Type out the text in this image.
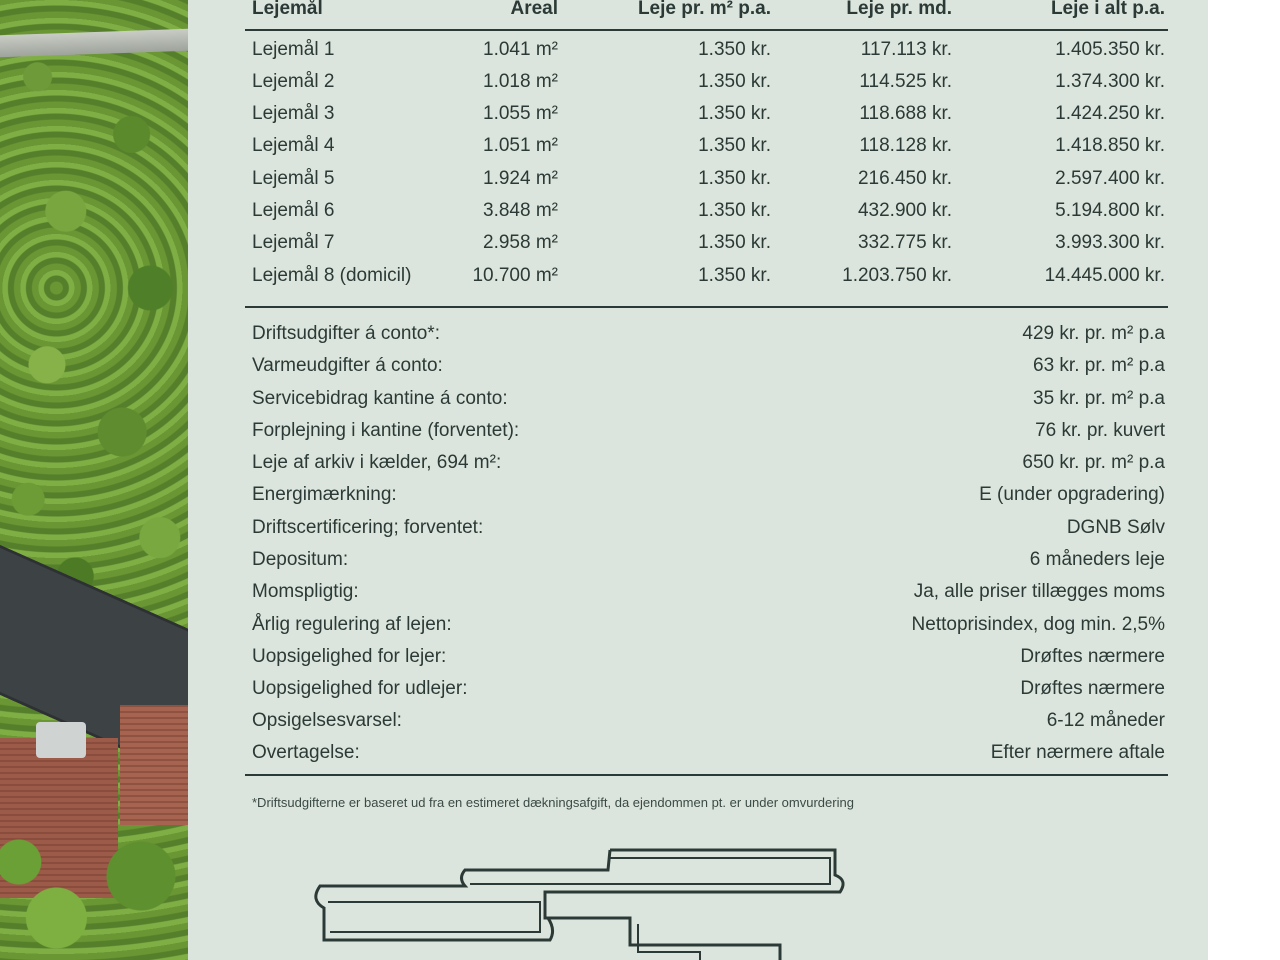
Lejemål	Areal	Leje pr. m² p.a.	Leje pr. md.	Leje i alt p.a.
Lejemål 1	1.041 m²	1.350 kr.	117.113 kr.	1.405.350 kr.
Lejemål 2	1.018 m²	1.350 kr.	114.525 kr.	1.374.300 kr.
Lejemål 3	1.055 m²	1.350 kr.	118.688 kr.	1.424.250 kr.
Lejemål 4	1.051 m²	1.350 kr.	118.128 kr.	1.418.850 kr.
Lejemål 5	1.924 m²	1.350 kr.	216.450 kr.	2.597.400 kr.
Lejemål 6	3.848 m²	1.350 kr.	432.900 kr.	5.194.800 kr.
Lejemål 7	2.958 m²	1.350 kr.	332.775 kr.	3.993.300 kr.
Lejemål 8 (domicil)	10.700 m²	1.350 kr.	1.203.750 kr.	14.445.000 kr.
Driftsudgifter á conto*:	429 kr. pr. m² p.a
Varmeudgifter á conto:	63 kr. pr. m² p.a
Servicebidrag kantine á conto:	35 kr. pr. m² p.a
Forplejning i kantine (forventet):	76 kr. pr. kuvert
Leje af arkiv i kælder, 694 m²:	650 kr. pr. m² p.a
Energimærkning:	E (under opgradering)
Driftscertificering; forventet:	DGNB Sølv
Depositum:	6 måneders leje
Momspligtig:	Ja, alle priser tillægges moms
Årlig regulering af lejen:	Nettoprisindex, dog min. 2,5%
Uopsigelighed for lejer:	Drøftes nærmere
Uopsigelighed for udlejer:	Drøftes nærmere
Opsigelsesvarsel:	6-12 måneder
Overtagelse:	Efter nærmere aftale
*Driftsudgifterne er baseret ud fra en estimeret dækningsafgift, da ejendommen pt. er under omvurdering
